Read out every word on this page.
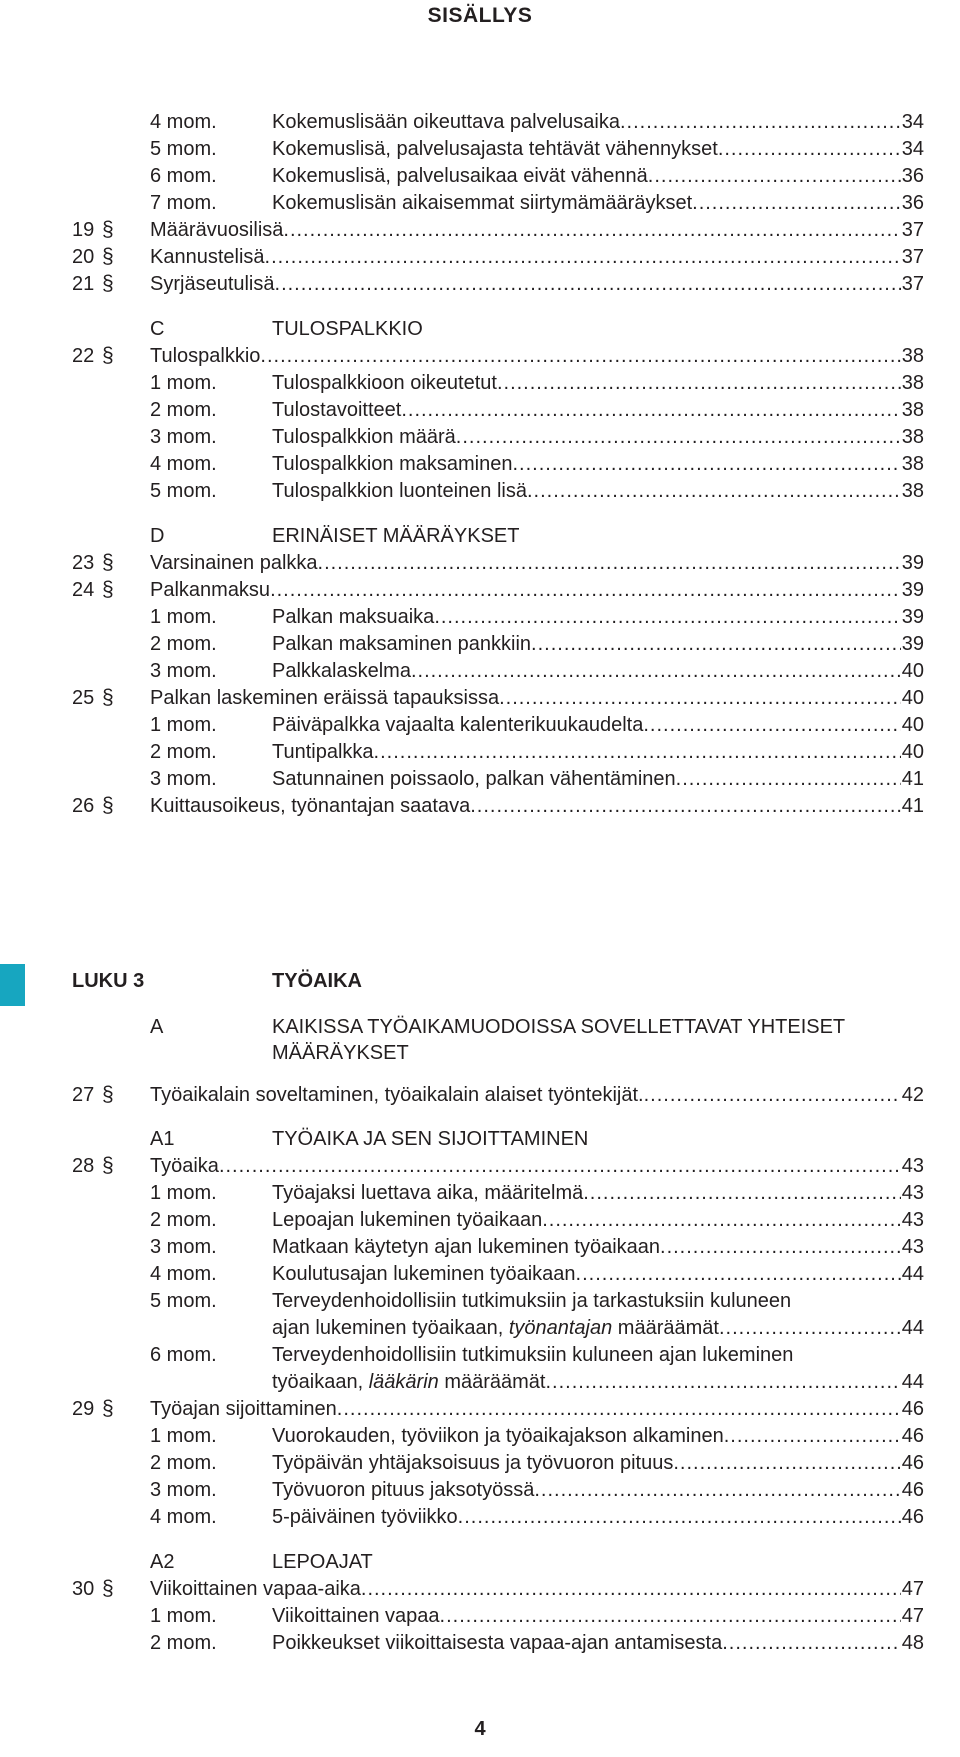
SISÄLLYS
4 mom.	Kokemuslisään oikeuttava palvelusaika .....	34
5 mom.	Kokemuslisä, palvelusajasta tehtävät vähennykset .....	34
6 mom.	Kokemuslisä, palvelusaikaa eivät vähennä .....	36
7 mom.	Kokemuslisän aikaisemmat siirtymämääräykset .....	36
19 § Määrävuosilisä .....	37
20 § Kannustelisä .....	37
21 § Syrjäseutulisä .....	37
C	TULOSPALKKIO
22 § Tulospalkkio .....	38
1 mom.	Tulospalkkioon oikeutetut .....	38
2 mom.	Tulostavoitteet .....	38
3 mom.	Tulospalkkion määrä .....	38
4 mom.	Tulospalkkion maksaminen .....	38
5 mom.	Tulospalkkion luonteinen lisä .....	38
D	ERINÄISET MÄÄRÄYKSET
23 § Varsinainen palkka .....	39
24 § Palkanmaksu .....	39
1 mom.	Palkan maksuaika .....	39
2 mom.	Palkan maksaminen pankkiin .....	39
3 mom.	Palkkalaskelma .....	40
25 § Palkan laskeminen eräissä tapauksissa .....	40
1 mom.	Päiväpalkka vajaalta kalenterikuukaudelta .....	40
2 mom.	Tuntipalkka .....	40
3 mom.	Satunnainen poissaolo, palkan vähentäminen .....	41
26 § Kuittausoikeus, työnantajan saatava .....	41
LUKU 3	TYÖAIKA
A	KAIKISSA TYÖAIKAMUODOISSA SOVELLETTAVAT YHTEISET
MÄÄRÄYKSET
27 § Työaikalain soveltaminen, työaikalain alaiset työntekijät. .....	42
A1	TYÖAIKA JA SEN SIJOITTAMINEN
28 § Työaika .....	43
1 mom.	Työajaksi luettava aika, määritelmä .....	43
2 mom.	Lepoajan lukeminen työaikaan .....	43
3 mom.	Matkaan käytetyn ajan lukeminen työaikaan .....	43
4 mom.	Koulutusajan lukeminen työaikaan .....	44
5 mom.	Terveydenhoidollisiin tutkimuksiin ja tarkastuksiin kuluneen
ajan lukeminen työaikaan, työnantajan määräämät .....	44
6 mom.	Terveydenhoidollisiin tutkimuksiin kuluneen ajan lukeminen
työaikaan, lääkärin määräämät .....	44
29 § Työajan sijoittaminen .....	46
1 mom.	Vuorokauden, työviikon ja työaikajakson alkaminen .....	46
2 mom.	Työpäivän yhtäjaksoisuus ja työvuoron pituus .....	46
3 mom.	Työvuoron pituus jaksotyössä .....	46
4 mom.	5-päiväinen työviikko .....	46
A2	LEPOAJAT
30 § Viikoittainen vapaa-aika .....	47
1 mom.	Viikoittainen vapaa .....	47
2 mom.	Poikkeukset viikoittaisesta vapaa-ajan antamisesta .....	48
4
